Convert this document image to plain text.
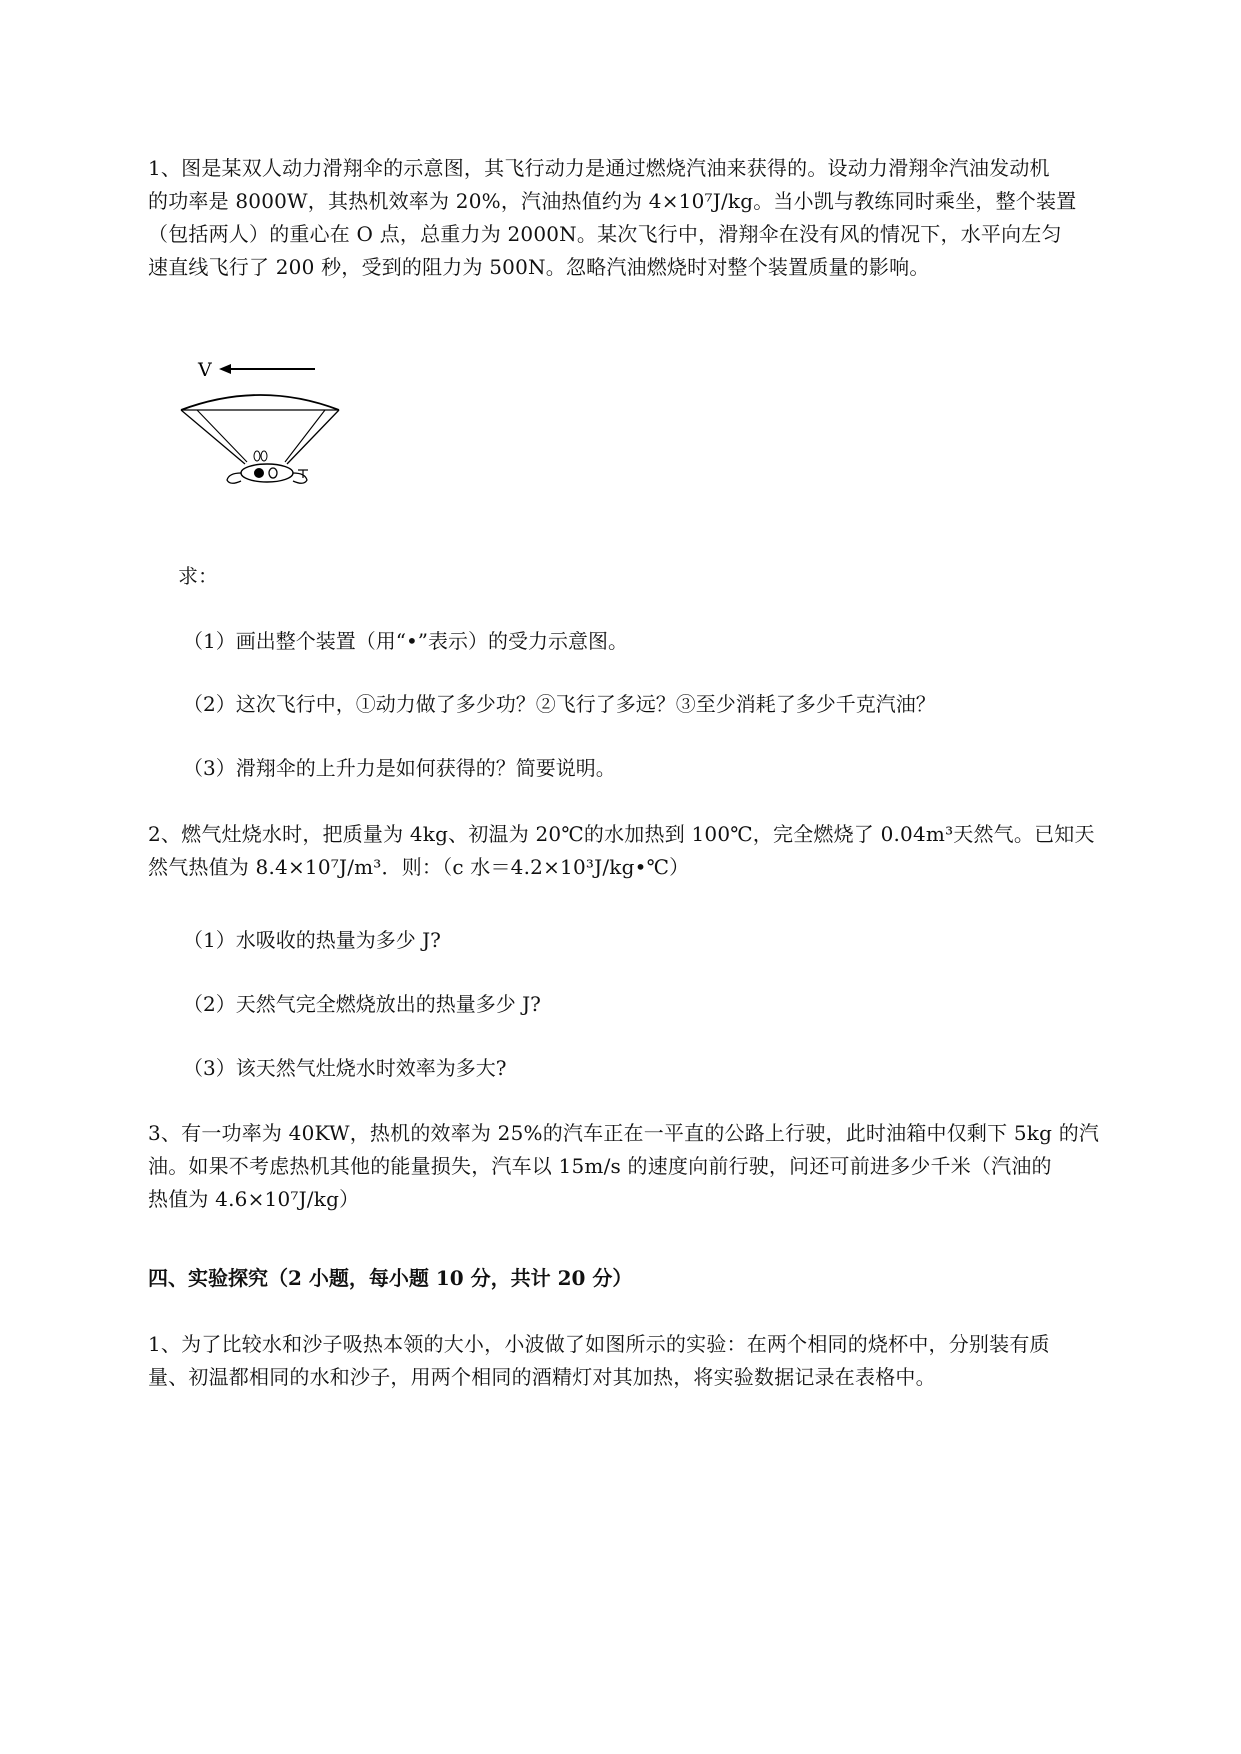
1、图是某双人动力滑翔伞的示意图，其飞行动力是通过燃烧汽油来获得的。设动力滑翔伞汽油发动机
的功率是 8000W，其热机效率为 20%，汽油热值约为 4×10⁷J/kg。当小凯与教练同时乘坐，整个装置
（包括两人）的重心在 O 点，总重力为 2000N。某次飞行中，滑翔伞在没有风的情况下，水平向左匀
速直线飞行了 200 秒，受到的阻力为 500N。忽略汽油燃烧时对整个装置质量的影响。
V
求：
（1）画出整个装置（用“•”表示）的受力示意图。
（2）这次飞行中，①动力做了多少功？②飞行了多远？③至少消耗了多少千克汽油？
（3）滑翔伞的上升力是如何获得的？简要说明。
2、燃气灶烧水时，把质量为 4kg、初温为 20℃的水加热到 100℃，完全燃烧了 0.04m³天然气。已知天
然气热值为 8.4×10⁷J/m³．则：（c 水＝4.2×10³J/kg•℃）
（1）水吸收的热量为多少 J?
（2）天然气完全燃烧放出的热量多少 J?
（3）该天然气灶烧水时效率为多大?
3、有一功率为 40KW，热机的效率为 25%的汽车正在一平直的公路上行驶，此时油箱中仅剩下 5kg 的汽
油。如果不考虑热机其他的能量损失，汽车以 15m/s 的速度向前行驶，问还可前进多少千米（汽油的
热值为 4.6×10⁷J/kg）
四、实验探究（2 小题，每小题 10 分，共计 20 分）
1、为了比较水和沙子吸热本领的大小，小波做了如图所示的实验：在两个相同的烧杯中，分别装有质
量、初温都相同的水和沙子，用两个相同的酒精灯对其加热，将实验数据记录在表格中。
